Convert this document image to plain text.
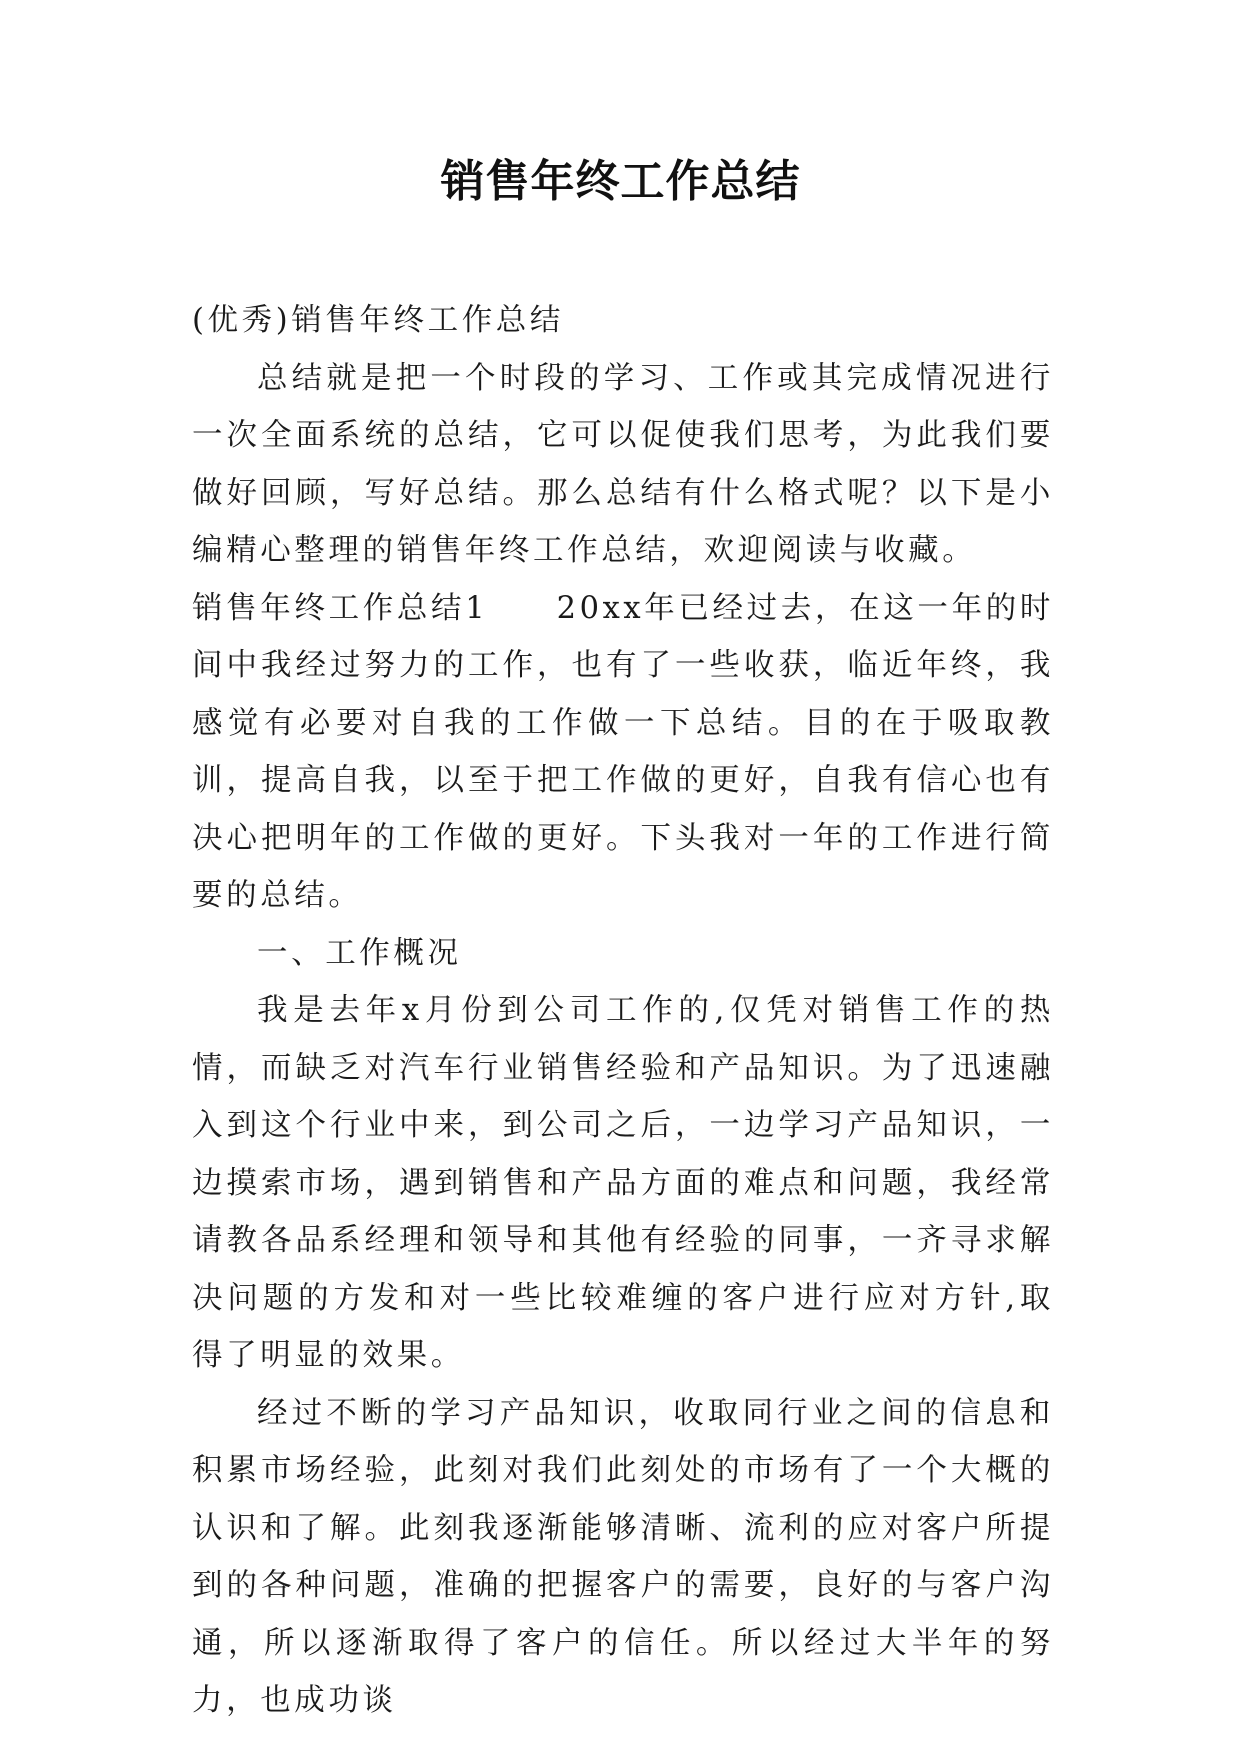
销售年终工作总结

(优秀)销售年终工作总结

总结就是把一个时段的学习、工作或其完成情况进行一次全面系统的总结，它可以促使我们思考，为此我们要做好回顾，写好总结。那么总结有什么格式呢？以下是小编精心整理的销售年终工作总结，欢迎阅读与收藏。

销售年终工作总结1　　20xx年已经过去，在这一年的时间中我经过努力的工作，也有了一些收获，临近年终，我感觉有必要对自我的工作做一下总结。目的在于吸取教训，提高自我，以至于把工作做的更好，自我有信心也有决心把明年的工作做的更好。下头我对一年的工作进行简要的总结。

一、工作概况

我是去年x月份到公司工作的,仅凭对销售工作的热情，而缺乏对汽车行业销售经验和产品知识。为了迅速融入到这个行业中来，到公司之后，一边学习产品知识，一边摸索市场，遇到销售和产品方面的难点和问题，我经常请教各品系经理和领导和其他有经验的同事，一齐寻求解决问题的方发和对一些比较难缠的客户进行应对方针,取得了明显的效果。

经过不断的学习产品知识，收取同行业之间的信息和积累市场经验，此刻对我们此刻处的市场有了一个大概的认识和了解。此刻我逐渐能够清晰、流利的应对客户所提到的各种问题，准确的把握客户的需要，良好的与客户沟通，所以逐渐取得了客户的信任。所以经过大半年的努力，也成功谈
